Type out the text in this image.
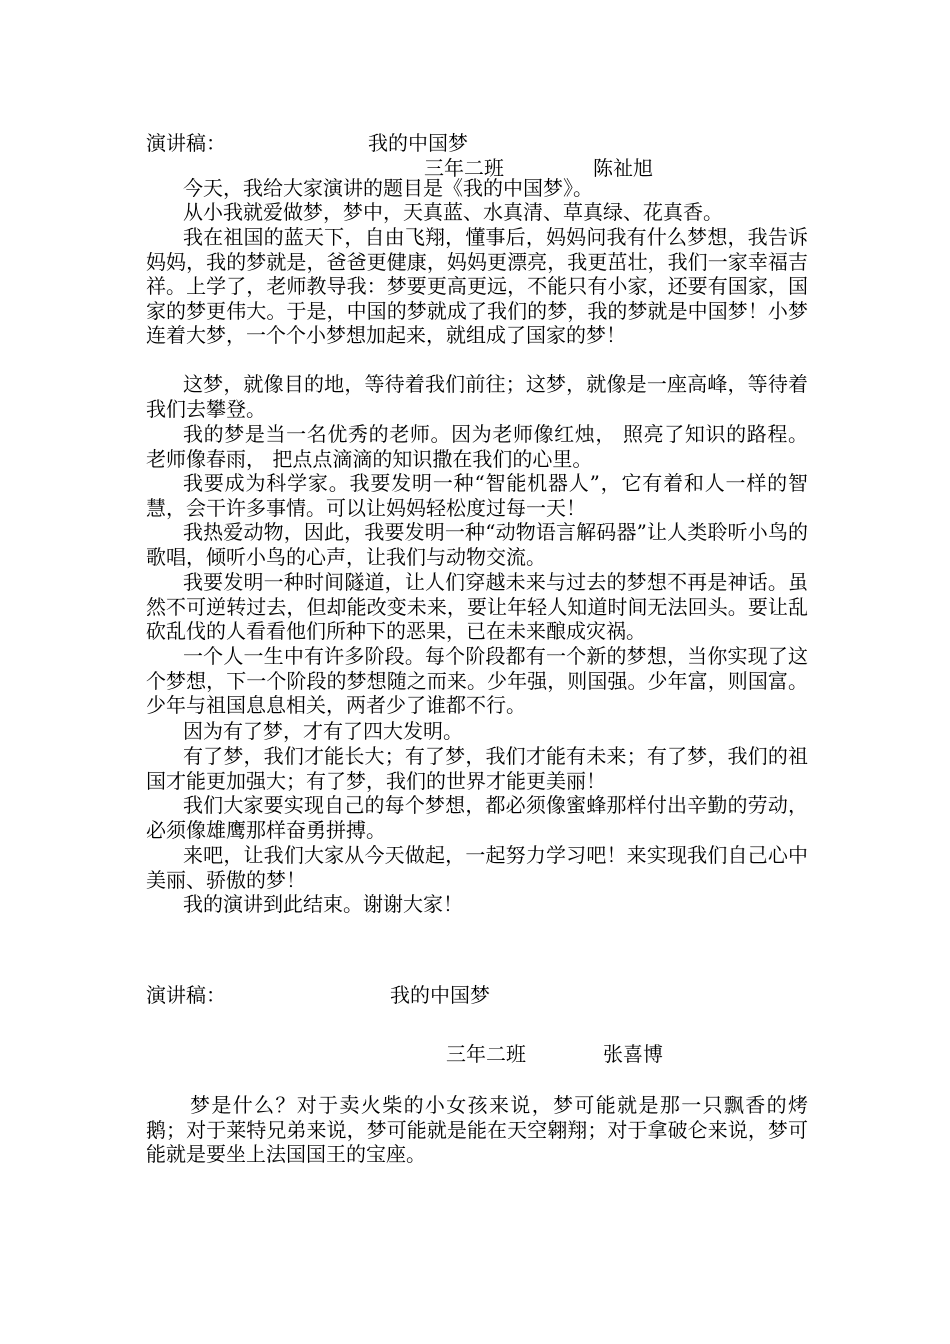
演讲稿：	我的中国梦
三年二班	陈祉旭
今天，我给大家演讲的题目是《我的中国梦》。
从小我就爱做梦，梦中，天真蓝、水真清、草真绿、花真香。
我在祖国的蓝天下，自由飞翔，懂事后，妈妈问我有什么梦想，我告诉妈妈，我的梦就是，爸爸更健康，妈妈更漂亮，我更茁壮，我们一家幸福吉祥。上学了，老师教导我：梦要更高更远，不能只有小家，还要有国家，国家的梦更伟大。于是，中国的梦就成了我们的梦，我的梦就是中国梦！小梦连着大梦，一个个小梦想加起来，就组成了国家的梦！
这梦，就像目的地，等待着我们前往；这梦，就像是一座高峰，等待着我们去攀登。
我的梦是当一名优秀的老师。因为老师像红烛， 照亮了知识的路程。老师像春雨， 把点点滴滴的知识撒在我们的心里。
我要成为科学家。我要发明一种“智能机器人”，它有着和人一样的智慧，会干许多事情。可以让妈妈轻松度过每一天！
我热爱动物，因此，我要发明一种“动物语言解码器”让人类聆听小鸟的歌唱，倾听小鸟的心声，让我们与动物交流。
我要发明一种时间隧道，让人们穿越未来与过去的梦想不再是神话。虽然不可逆转过去，但却能改变未来，要让年轻人知道时间无法回头。要让乱砍乱伐的人看看他们所种下的恶果，已在未来酿成灾祸。
一个人一生中有许多阶段。每个阶段都有一个新的梦想，当你实现了这个梦想，下一个阶段的梦想随之而来。少年强，则国强。少年富，则国富。少年与祖国息息相关，两者少了谁都不行。
因为有了梦，才有了四大发明。
有了梦，我们才能长大；有了梦，我们才能有未来；有了梦，我们的祖国才能更加强大；有了梦，我们的世界才能更美丽！
我们大家要实现自己的每个梦想，都必须像蜜蜂那样付出辛勤的劳动，必须像雄鹰那样奋勇拼搏。
来吧，让我们大家从今天做起，一起努力学习吧！来实现我们自己心中美丽、骄傲的梦！
我的演讲到此结束。谢谢大家！
演讲稿：	我的中国梦
三年二班	张喜博
梦是什么？对于卖火柴的小女孩来说，梦可能就是那一只飘香的烤鹅；对于莱特兄弟来说，梦可能就是能在天空翱翔；对于拿破仑来说，梦可能就是要坐上法国国王的宝座。
